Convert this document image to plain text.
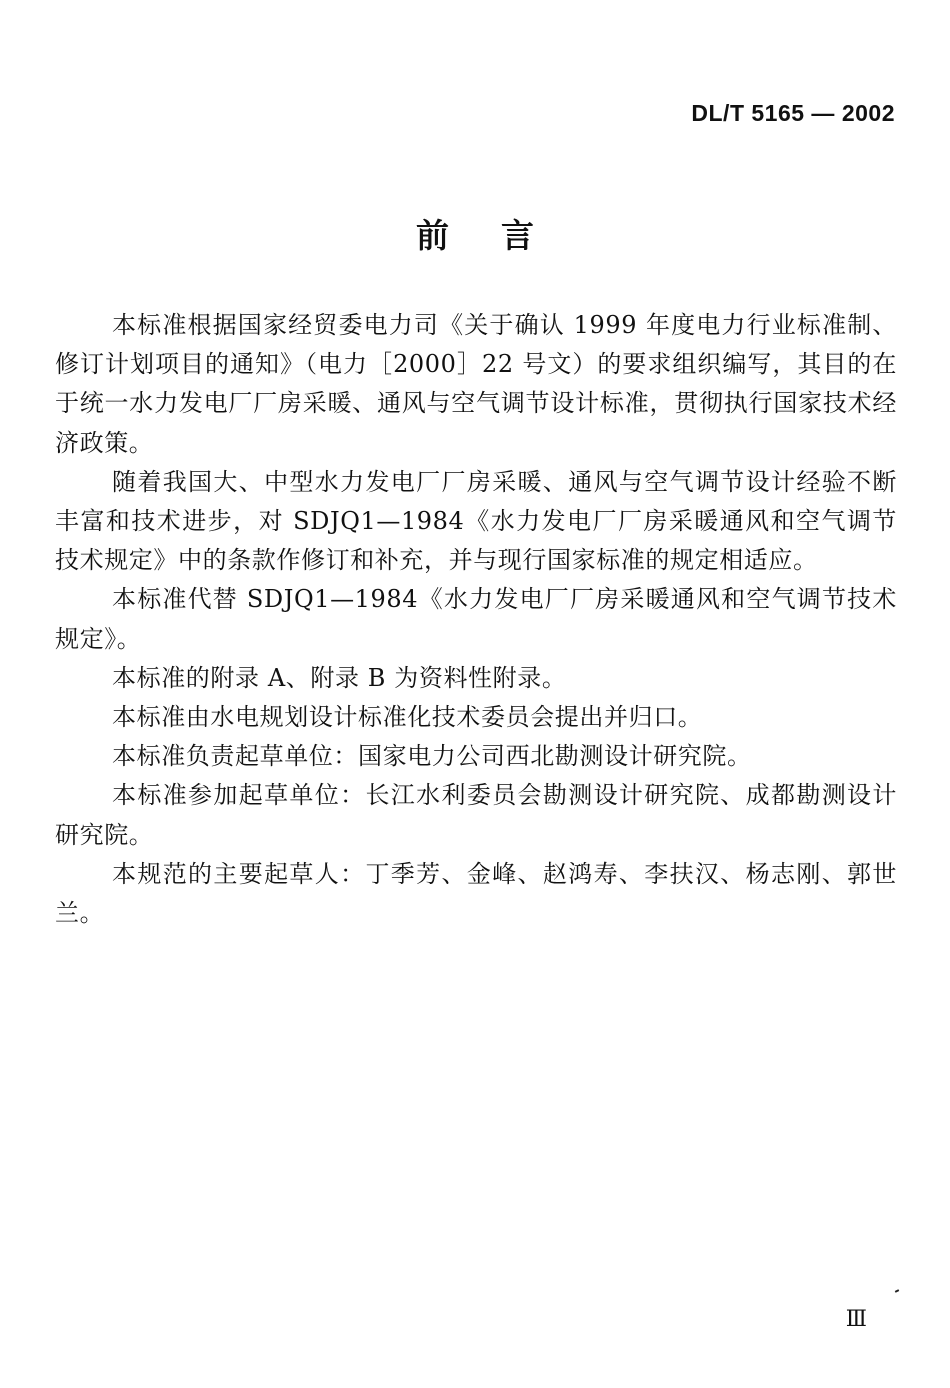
DL/T 5165 — 2002
前言

本标准根据国家经贸委电力司《关于确认 1999 年度电力行业标准制、修订计划项目的通知》（电力［2000］22 号文）的要求组织编写，其目的在于统一水力发电厂厂房采暖、通风与空气调节设计标准，贯彻执行国家技术经济政策。

随着我国大、中型水力发电厂厂房采暖、通风与空气调节设计经验不断丰富和技术进步，对 SDJQ1—1984《水力发电厂厂房采暖通风和空气调节技术规定》中的条款作修订和补充，并与现行国家标准的规定相适应。

本标准代替 SDJQ1—1984《水力发电厂厂房采暖通风和空气调节技术规定》。

本标准的附录 A、附录 B 为资料性附录。

本标准由水电规划设计标准化技术委员会提出并归口。

本标准负责起草单位：国家电力公司西北勘测设计研究院。

本标准参加起草单位：长江水利委员会勘测设计研究院、成都勘测设计研究院。

本规范的主要起草人：丁季芳、金峰、赵鸿寿、李扶汉、杨志刚、郭世兰。

Ⅲ
